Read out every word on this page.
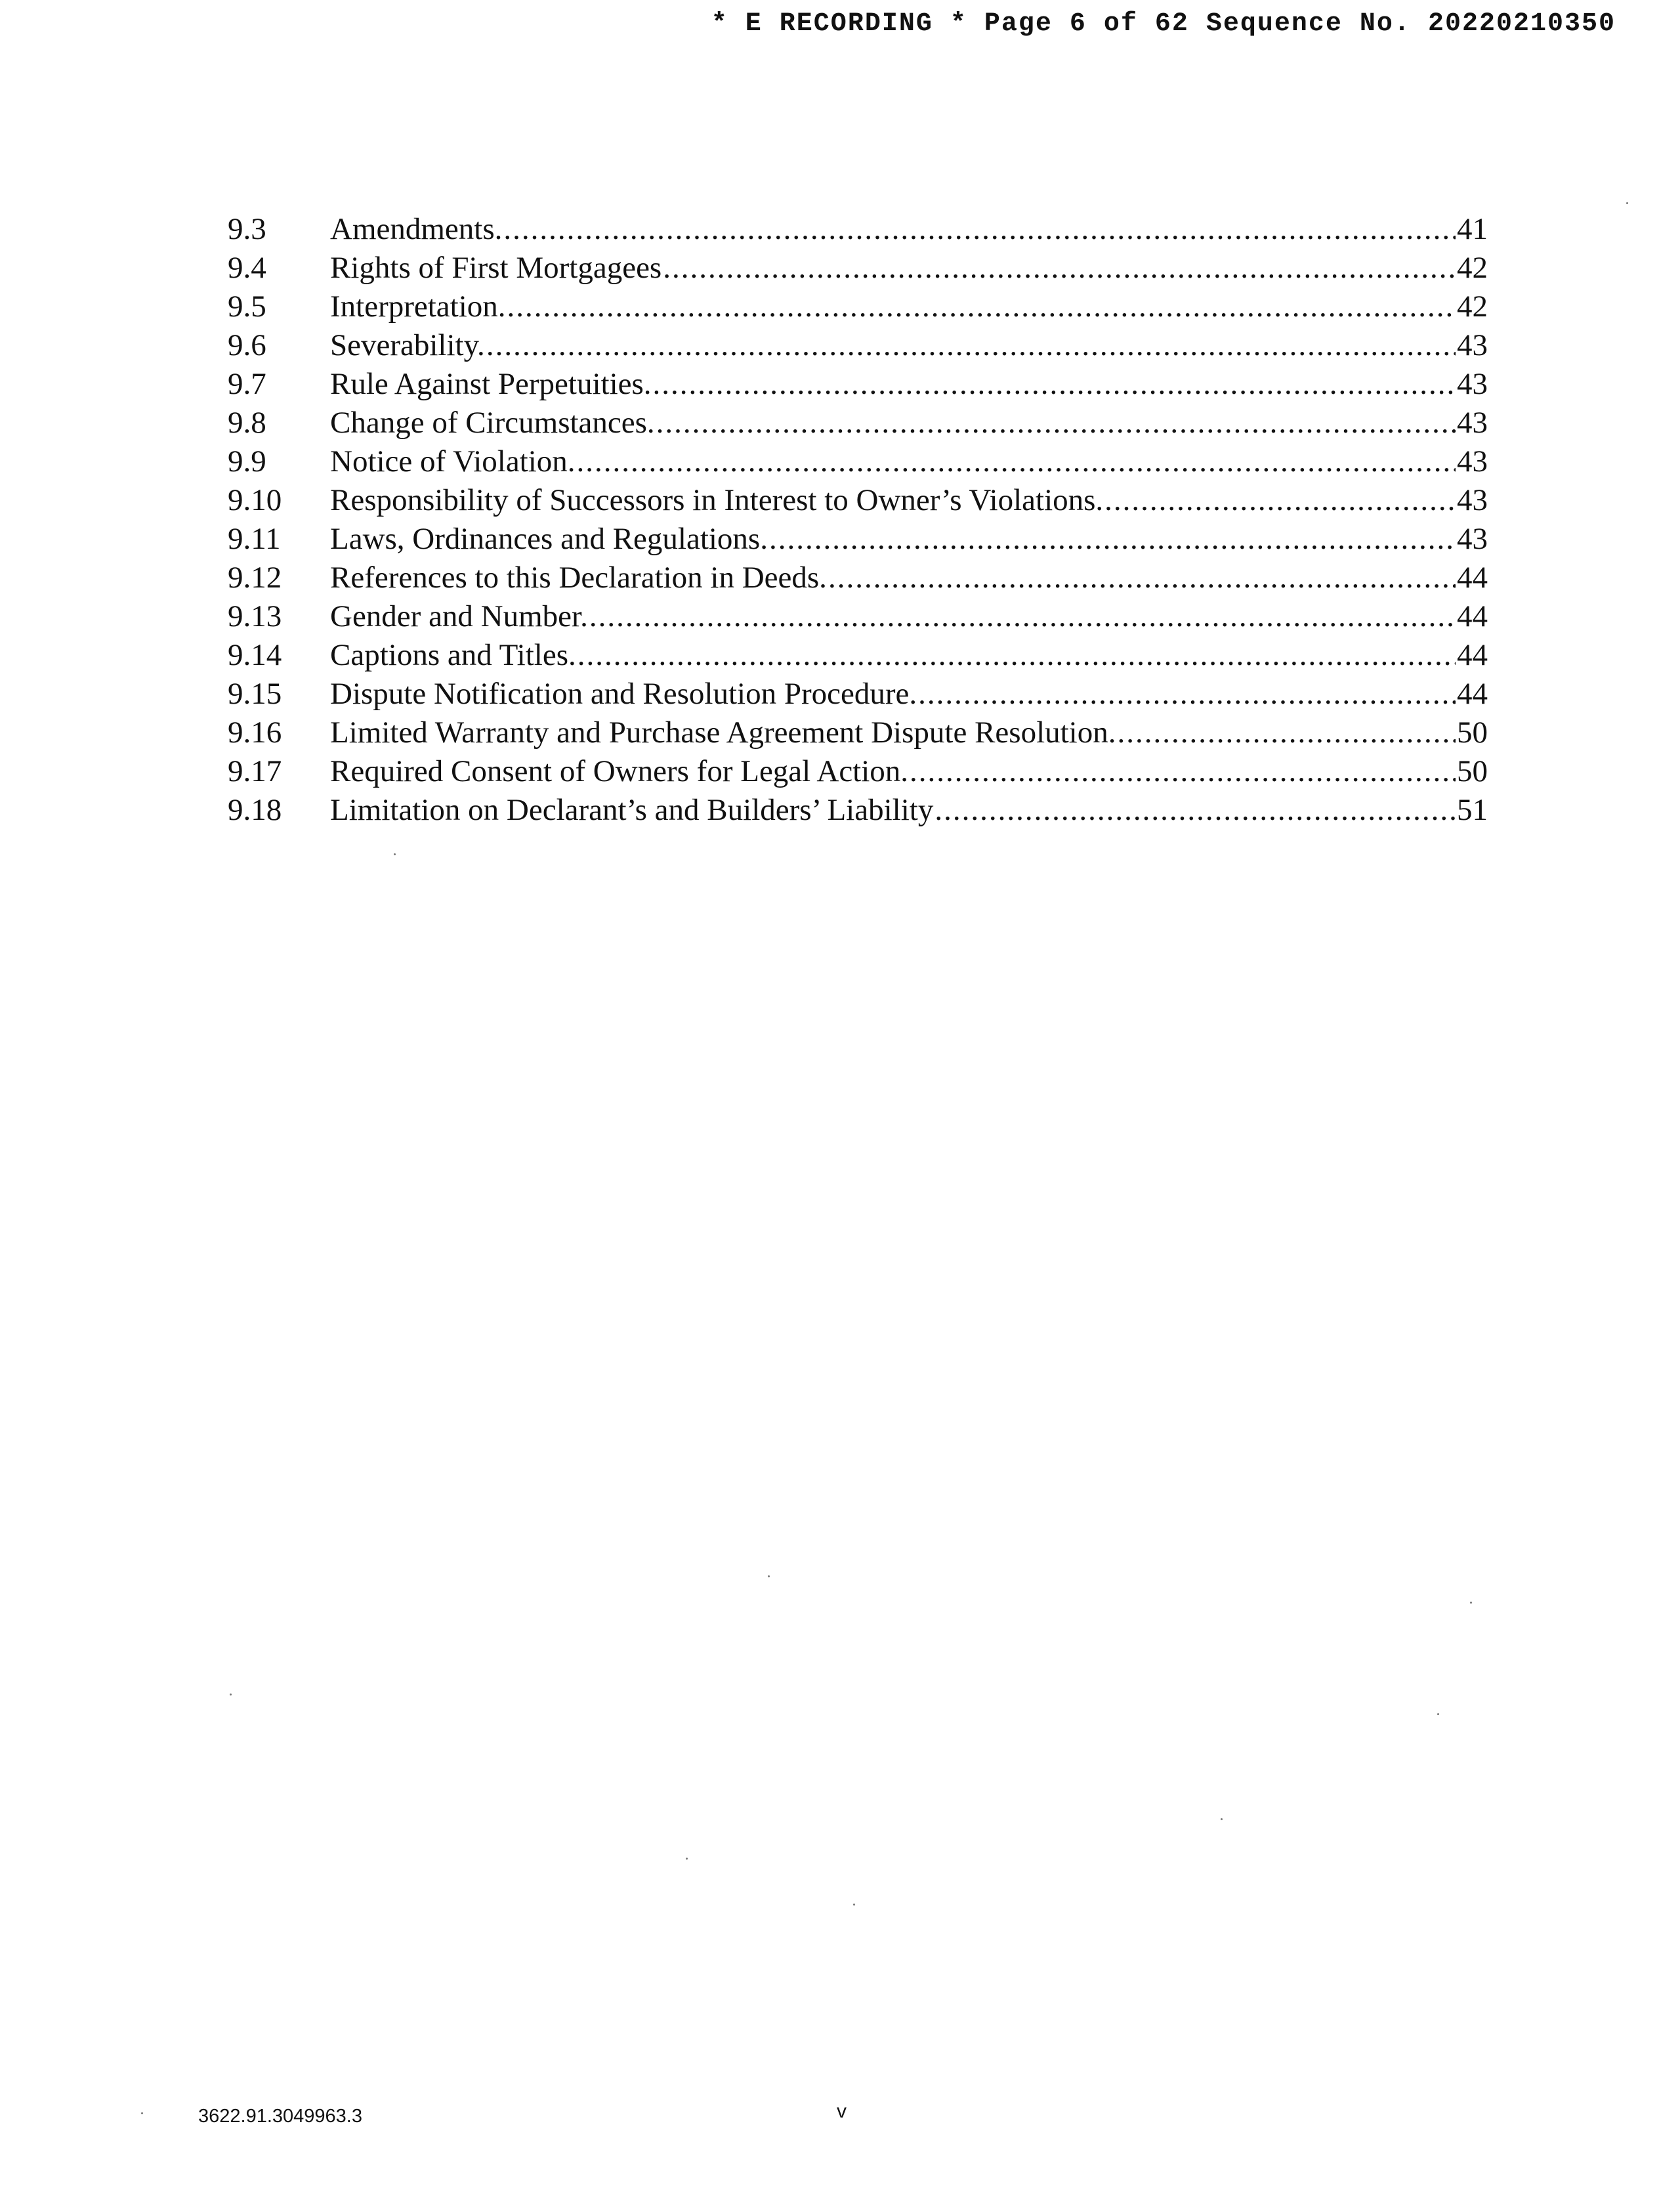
* E RECORDING * Page 6 of 62 Sequence No. 20220210350
9.3	Amendments. .....	41
9.4	Rights of First Mortgagees .....	42
9.5	Interpretation. .....	42
9.6	Severability. .....	43
9.7	Rule Against Perpetuities. .....	43
9.8	Change of Circumstances. .....	43
9.9	Notice of Violation. .....	43
9.10	Responsibility of Successors in Interest to Owner’s Violations. .....	43
9.11	Laws, Ordinances and Regulations. .....	43
9.12	References to this Declaration in Deeds. .....	44
9.13	Gender and Number. .....	44
9.14	Captions and Titles. .....	44
9.15	Dispute Notification and Resolution Procedure. .....	44
9.16	Limited Warranty and Purchase Agreement Dispute Resolution. .....	50
9.17	Required Consent of Owners for Legal Action. .....	50
9.18	Limitation on Declarant’s and Builders’ Liability .....	51
3622.91.3049963.3	v
